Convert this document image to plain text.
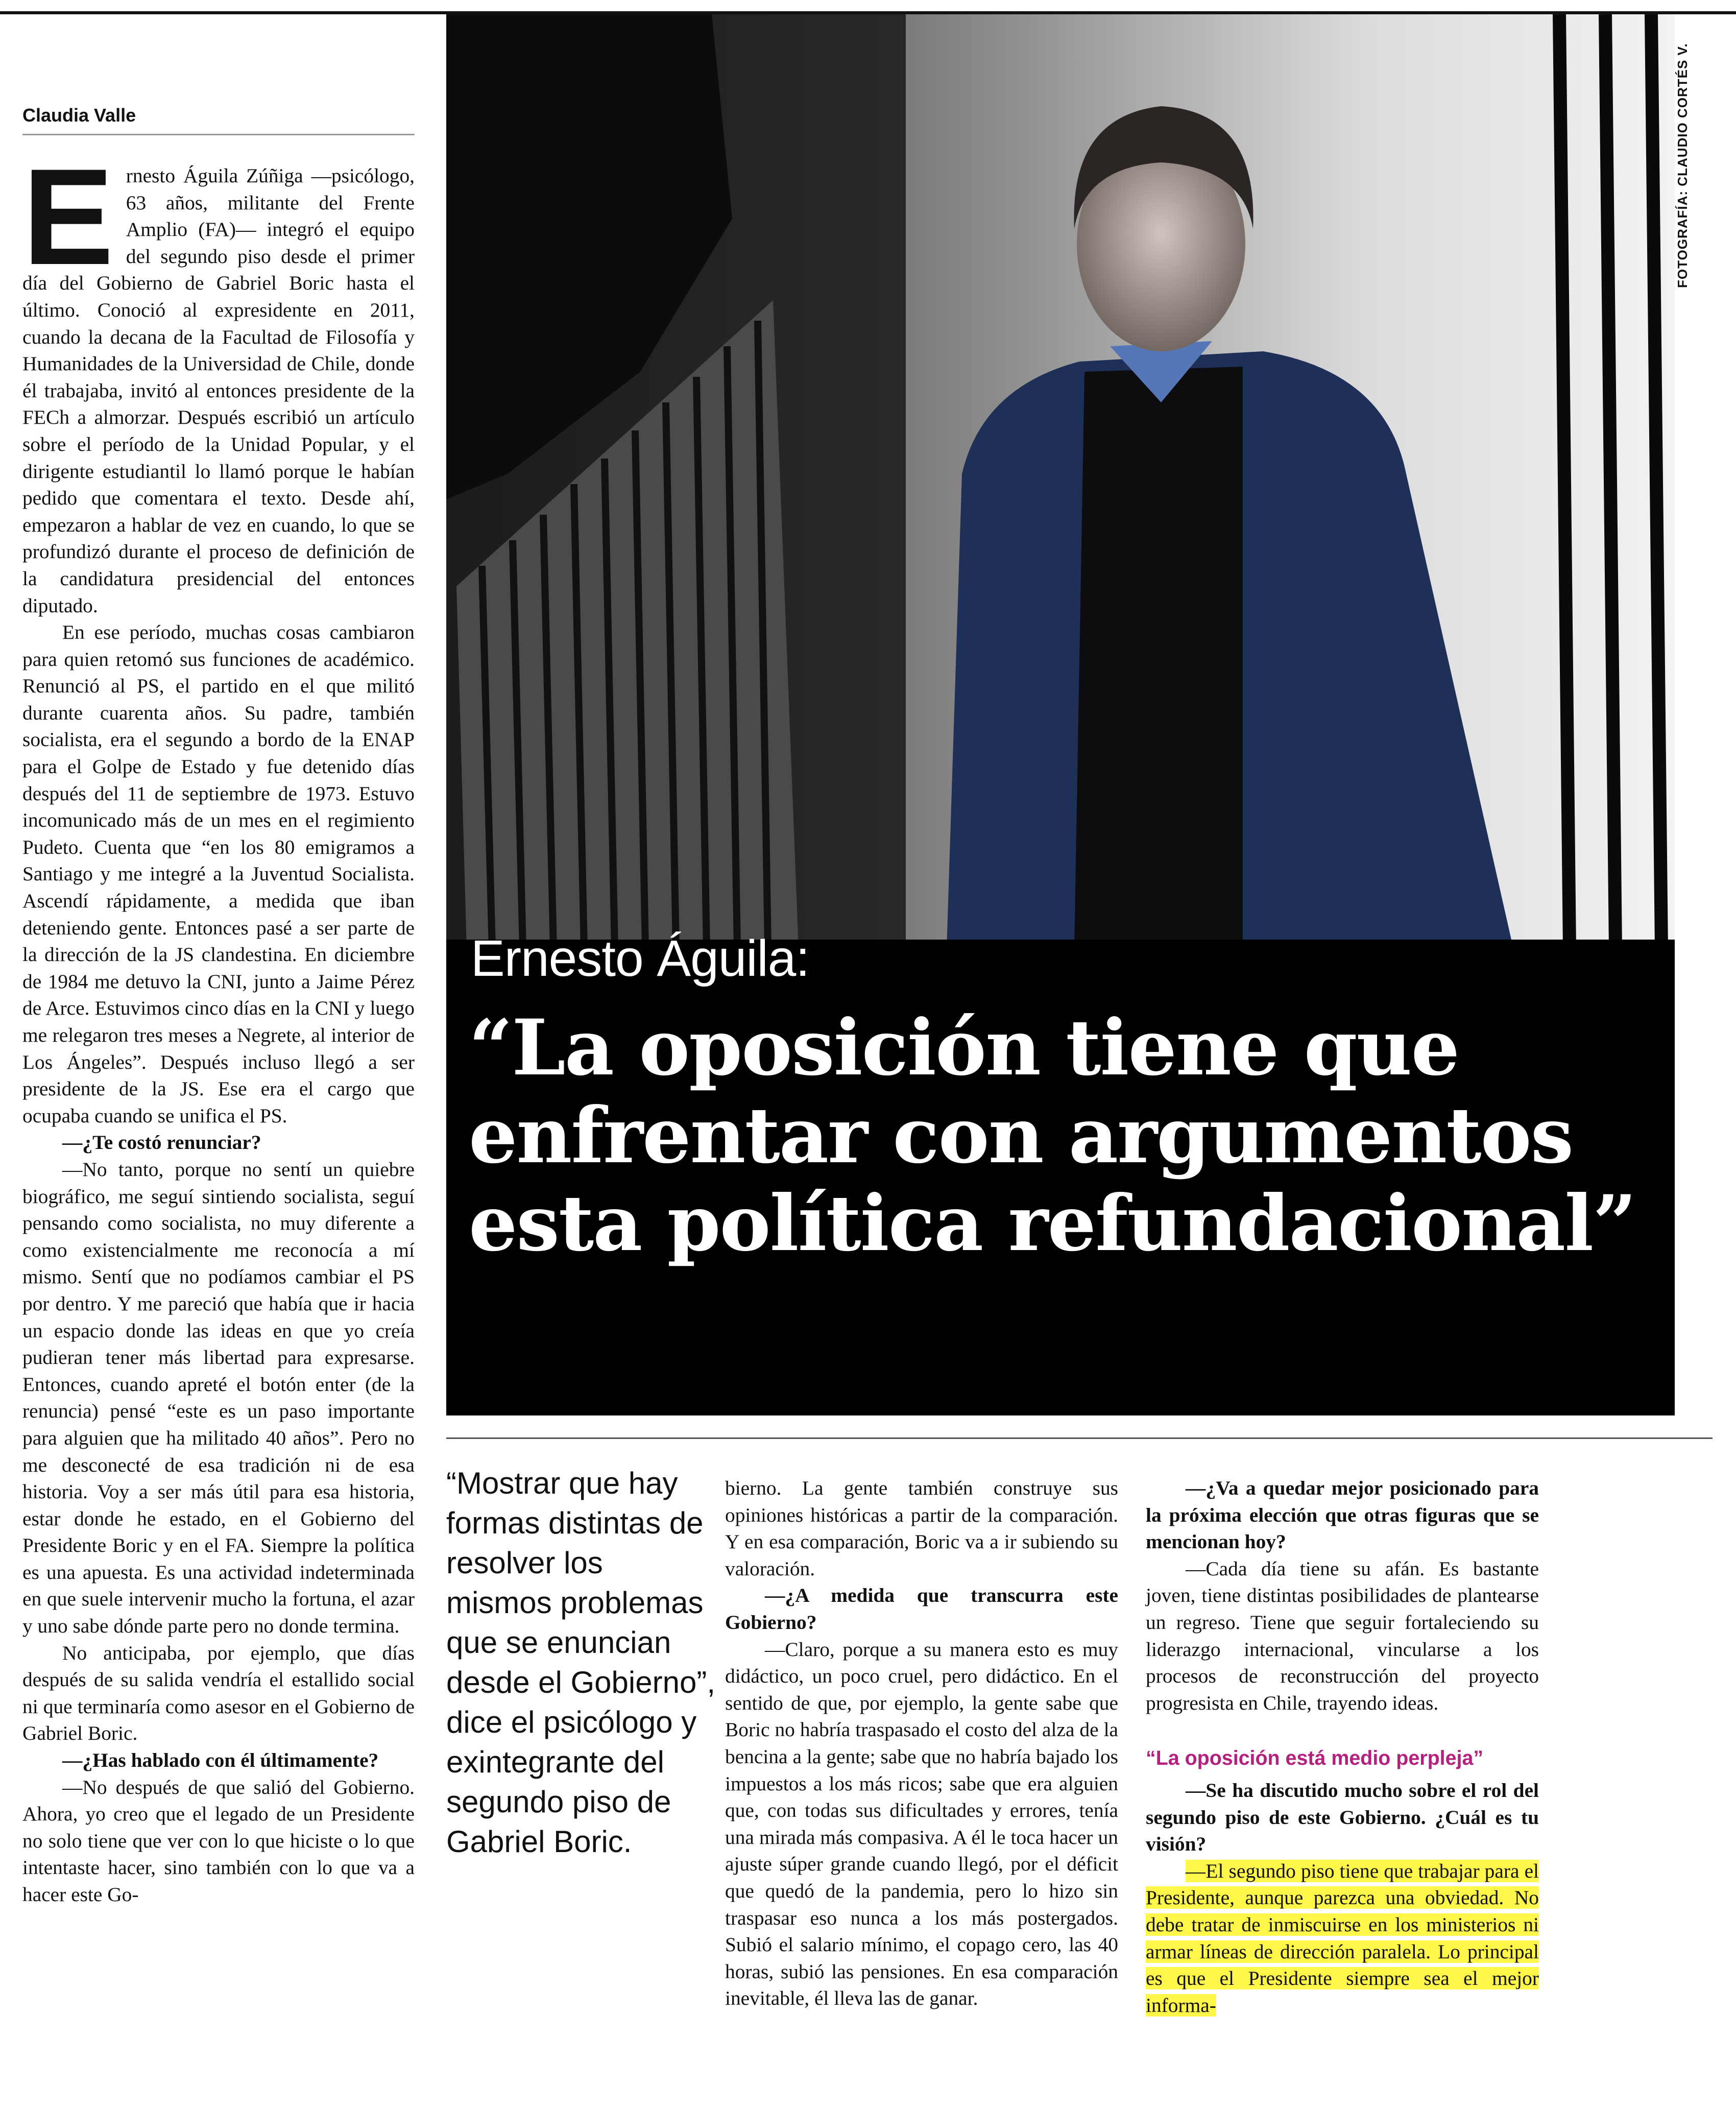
Claudia Valle

Ernesto Águila Zúñiga —psicólogo, 63 años, militante del Frente Amplio (FA)— integró el equipo del segundo piso desde el primer día del Gobierno de Gabriel Boric hasta el último. Conoció al expresidente en 2011, cuando la decana de la Facultad de Filosofía y Humanidades de la Universidad de Chile, donde él trabajaba, invitó al entonces presidente de la FECh a almorzar. Después escribió un artículo sobre el período de la Unidad Popular, y el dirigente estudiantil lo llamó porque le habían pedido que comentara el texto. Desde ahí, empezaron a hablar de vez en cuando, lo que se profundizó durante el proceso de definición de la candidatura presidencial del entonces diputado.

En ese período, muchas cosas cambiaron para quien retomó sus funciones de académico. Renunció al PS, el partido en el que militó durante cuarenta años. Su padre, también socialista, era el segundo a bordo de la ENAP para el Golpe de Estado y fue detenido días después del 11 de septiembre de 1973. Estuvo incomunicado más de un mes en el regimiento Pudeto. Cuenta que “en los 80 emigramos a Santiago y me integré a la Juventud Socialista. Ascendí rápidamente, a medida que iban deteniendo gente. Entonces pasé a ser parte de la dirección de la JS clandestina. En diciembre de 1984 me detuvo la CNI, junto a Jaime Pérez de Arce. Estuvimos cinco días en la CNI y luego me relegaron tres meses a Negrete, al interior de Los Ángeles”. Después incluso llegó a ser presidente de la JS. Ese era el cargo que ocupaba cuando se unifica el PS.

—¿Te costó renunciar?

—No tanto, porque no sentí un quiebre biográfico, me seguí sintiendo socialista, seguí pensando como socialista, no muy diferente a como existencialmente me reconocía a mí mismo. Sentí que no podíamos cambiar el PS por dentro. Y me pareció que había que ir hacia un espacio donde las ideas en que yo creía pudieran tener más libertad para expresarse. Entonces, cuando apreté el botón enter (de la renuncia) pensé “este es un paso importante para alguien que ha militado 40 años”. Pero no me desconecté de esa tradición ni de esa historia. Voy a ser más útil para esa historia, estar donde he estado, en el Gobierno del Presidente Boric y en el FA. Siempre la política es una apuesta. Es una actividad indeterminada en que suele intervenir mucho la fortuna, el azar y uno sabe dónde parte pero no donde termina.

No anticipaba, por ejemplo, que días después de su salida vendría el estallido social ni que terminaría como asesor en el Gobierno de Gabriel Boric.

—¿Has hablado con él últimamente?

—No después de que salió del Gobierno. Ahora, yo creo que el legado de un Presidente no solo tiene que ver con lo que hiciste o lo que intentaste hacer, sino también con lo que va a hacer este Go-

Ernesto Águila:
“La oposición tiene que enfrentar con argumentos esta política refundacional”
FOTOGRAFÍA: CLAUDIO CORTÉS V.
“Mostrar que hay formas distintas de resolver los mismos problemas que se enuncian desde el Gobierno”, dice el psicólogo y exintegrante del segundo piso de Gabriel Boric.

bierno. La gente también construye sus opiniones históricas a partir de la comparación. Y en esa comparación, Boric va a ir subiendo su valoración.

—¿A medida que transcurra este Gobierno?

—Claro, porque a su manera esto es muy didáctico, un poco cruel, pero didáctico. En el sentido de que, por ejemplo, la gente sabe que Boric no habría traspasado el costo del alza de la bencina a la gente; sabe que no habría bajado los impuestos a los más ricos; sabe que era alguien que, con todas sus dificultades y errores, tenía una mirada más compasiva. A él le toca hacer un ajuste súper grande cuando llegó, por el déficit que quedó de la pandemia, pero lo hizo sin traspasar eso nunca a los más postergados. Subió el salario mínimo, el copago cero, las 40 horas, subió las pensiones. En esa comparación inevitable, él lleva las de ganar.

—¿Va a quedar mejor posicionado para la próxima elección que otras figuras que se mencionan hoy?

—Cada día tiene su afán. Es bastante joven, tiene distintas posibilidades de plantearse un regreso. Tiene que seguir fortaleciendo su liderazgo internacional, vincularse a los procesos de reconstrucción del proyecto progresista en Chile, trayendo ideas.

“La oposición está medio perpleja”

—Se ha discutido mucho sobre el rol del segundo piso de este Gobierno. ¿Cuál es tu visión?

—El segundo piso tiene que trabajar para el Presidente, aunque parezca una obviedad. No debe tratar de inmiscuirse en los ministerios ni armar líneas de dirección paralela. Lo principal es que el Presidente siempre sea el mejor informa-
